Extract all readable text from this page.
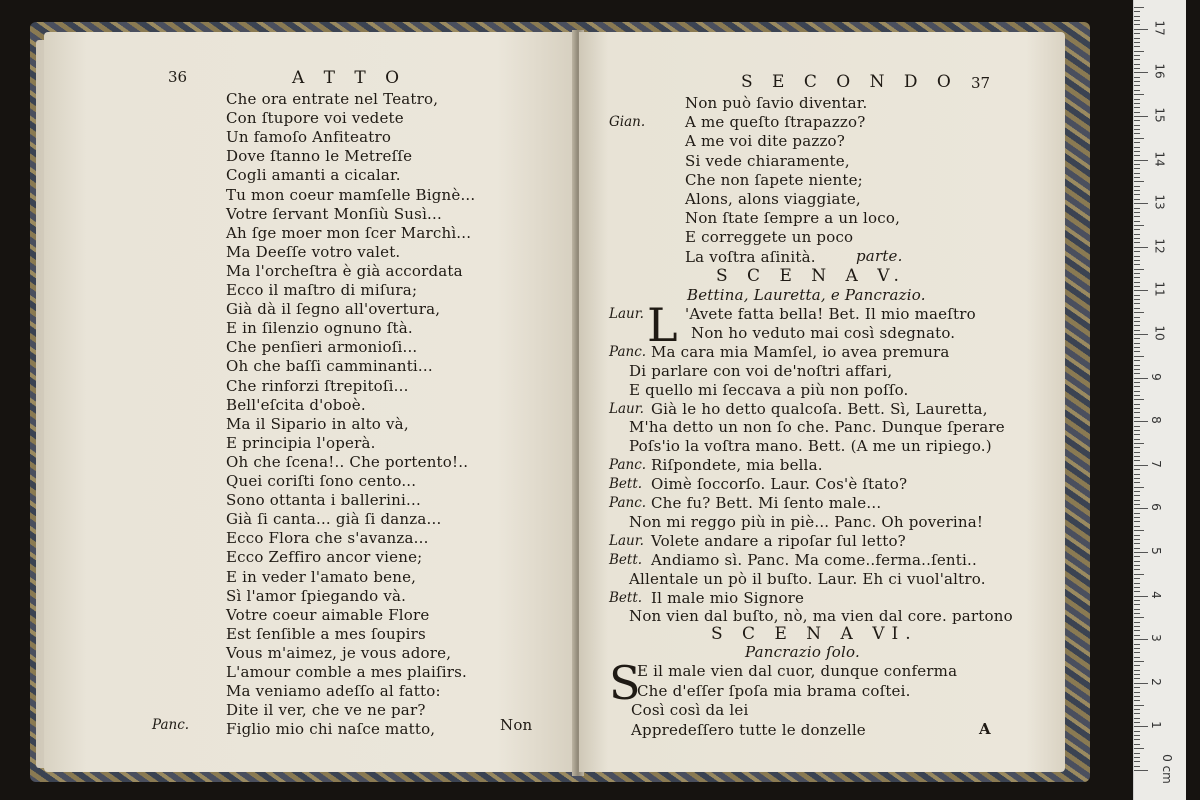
36	A T T O
Che ora entrate nel Teatro,
Con ſtupore voi vedete
Un famoſo Anfiteatro
Dove ſtanno le Metreſſe
Cogli amanti a cicalar.
Tu mon coeur mamſelle Bignè...
Votre ſervant Monſiù Susì...
Ah ſge moer mon ſcer Marchì...
Ma Deeſſe votro valet.
Ma l'orcheſtra è già accordata
Ecco il maſtro di miſura;
Già dà il ſegno all'overtura,
E in ſilenzio ognuno ſtà.
Che penſieri armonioſi...
Oh che baſſi camminanti...
Che rinforzi ſtrepitoſi...
Bell'eſcita d'oboè.
Ma il Sipario in alto và,
E principia l'operà.
Oh che ſcena!.. Che portento!..
Quei coriſti ſono cento...
Sono ottanta i ballerini...
Già ſi canta... già ſi danza...
Ecco Flora che s'avanza...
Ecco Zeffiro ancor viene;
E in veder l'amato bene,
Sì l'amor ſpiegando và.
Votre coeur aimable Flore
Est ſenſible a mes ſoupirs
Vous m'aimez, je vous adore,
L'amour comble a mes plaiſirs.
Ma veniamo adeſſo al fatto:
Dite il ver, che ve ne par?
Figlio mio chi naſce matto,
Panc.	Non
S E C O N D O 37
Non può ſavio diventar.
Gian.	A me queſto ſtrapazzo?
A me voi dite pazzo?
Si vede chiaramente,
Che non ſapete niente;
Alons, alons viaggiate,
Non ſtate ſempre a un loco,
E correggete un poco
La voſtra aſinità.	parte.
S C E N A V.
Bettina, Lauretta, e Pancrazio.
L
Laur.	'Avete fatta bella! Bet. Il mio maeſtro
Non ho veduto mai così sdegnato.
Panc. Ma cara mia Mamſel, io avea premura
Di parlare con voi de'noſtri affari,
E quello mi ſeccava a più non poſſo.
Laur. Già le ho detto qualcoſa. Bett. Sì, Lauretta,
M'ha detto un non ſo che. Panc. Dunque ſperare
Poſs'io la voſtra mano. Bett. (A me un ripiego.)
Panc. Riſpondete, mia bella.
Bett. Oimè ſoccorſo. Laur. Cos'è ſtato?
Panc. Che fu? Bett. Mi ſento male...
Non mi reggo più in piè... Panc. Oh poverina!
Laur. Volete andare a ripoſar ſul letto?
Bett. Andiamo sì. Panc. Ma come..ferma..ſenti..
Allentale un pò il buſto. Laur. Eh ci vuol'altro.
Bett. Il male mio Signore
Non vien dal buſto, nò, ma vien dal core. partono
S C E N A VI.
Pancrazio ſolo.
S
E il male vien dal cuor, dunque conferma
Che d'eſſer ſpoſa mia brama coſtei.
Così così da lei
Appredeſſero tutte le donzelle	A
0 cm
1
2
3
4
5
6
7
8
9
10
11
12
13
14
15
16
17
